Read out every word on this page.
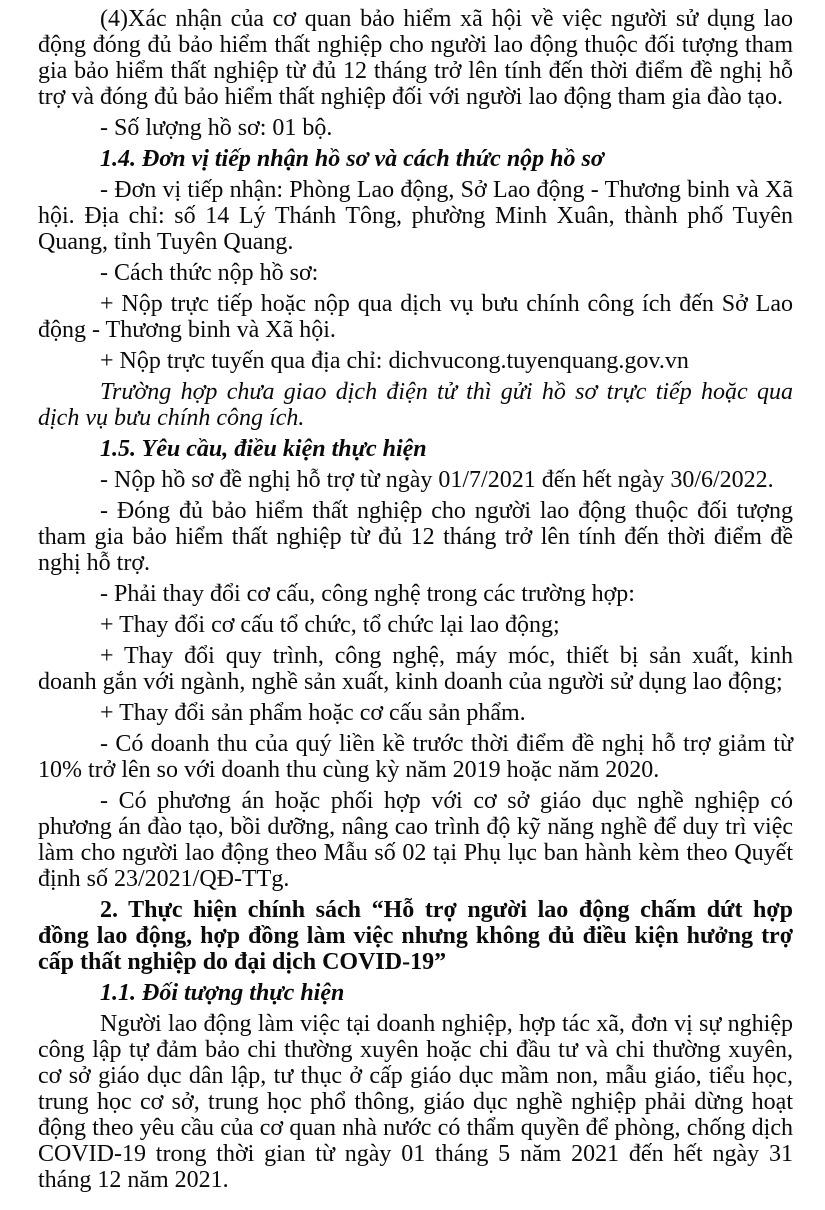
(4)Xác nhận của cơ quan bảo hiểm xã hội về việc người sử dụng lao động đóng đủ bảo hiểm thất nghiệp cho người lao động thuộc đối tượng tham gia bảo hiểm thất nghiệp từ đủ 12 tháng trở lên tính đến thời điểm đề nghị hỗ trợ và đóng đủ bảo hiểm thất nghiệp đối với người lao động tham gia đào tạo.

- Số lượng hồ sơ: 01 bộ.

1.4. Đơn vị tiếp nhận hồ sơ và cách thức nộp hồ sơ

- Đơn vị tiếp nhận: Phòng Lao động, Sở Lao động - Thương binh và Xã hội. Địa chỉ: số 14 Lý Thánh Tông, phường Minh Xuân, thành phố Tuyên Quang, tỉnh Tuyên Quang.

- Cách thức nộp hồ sơ:

+ Nộp trực tiếp hoặc nộp qua dịch vụ bưu chính công ích đến Sở Lao động - Thương binh và Xã hội.

+ Nộp trực tuyến qua địa chỉ: dichvucong.tuyenquang.gov.vn

Trường hợp chưa giao dịch điện tử thì gửi hồ sơ trực tiếp hoặc qua dịch vụ bưu chính công ích.

1.5. Yêu cầu, điều kiện thực hiện

- Nộp hồ sơ đề nghị hỗ trợ từ ngày 01/7/2021 đến hết ngày 30/6/2022.

- Đóng đủ bảo hiểm thất nghiệp cho người lao động thuộc đối tượng tham gia bảo hiểm thất nghiệp từ đủ 12 tháng trở lên tính đến thời điểm đề nghị hỗ trợ.

- Phải thay đổi cơ cấu, công nghệ trong các trường hợp:

+ Thay đổi cơ cấu tổ chức, tổ chức lại lao động;

+ Thay đổi quy trình, công nghệ, máy móc, thiết bị sản xuất, kinh doanh gắn với ngành, nghề sản xuất, kinh doanh của người sử dụng lao động;

+ Thay đổi sản phẩm hoặc cơ cấu sản phẩm.

- Có doanh thu của quý liền kề trước thời điểm đề nghị hỗ trợ giảm từ 10% trở lên so với doanh thu cùng kỳ năm 2019 hoặc năm 2020.

- Có phương án hoặc phối hợp với cơ sở giáo dục nghề nghiệp có phương án đào tạo, bồi dưỡng, nâng cao trình độ kỹ năng nghề để duy trì việc làm cho người lao động theo Mẫu số 02 tại Phụ lục ban hành kèm theo Quyết định số 23/2021/QĐ-TTg.

2. Thực hiện chính sách “Hỗ trợ người lao động chấm dứt hợp đồng lao động, hợp đồng làm việc nhưng không đủ điều kiện hưởng trợ cấp thất nghiệp do đại dịch COVID-19”

1.1. Đối tượng thực hiện

Người lao động làm việc tại doanh nghiệp, hợp tác xã, đơn vị sự nghiệp công lập tự đảm bảo chi thường xuyên hoặc chi đầu tư và chi thường xuyên, cơ sở giáo dục dân lập, tư thục ở cấp giáo dục mầm non, mẫu giáo, tiểu học, trung học cơ sở, trung học phổ thông, giáo dục nghề nghiệp phải dừng hoạt động theo yêu cầu của cơ quan nhà nước có thẩm quyền để phòng, chống dịch COVID-19 trong thời gian từ ngày 01 tháng 5 năm 2021 đến hết ngày 31 tháng 12 năm 2021.
